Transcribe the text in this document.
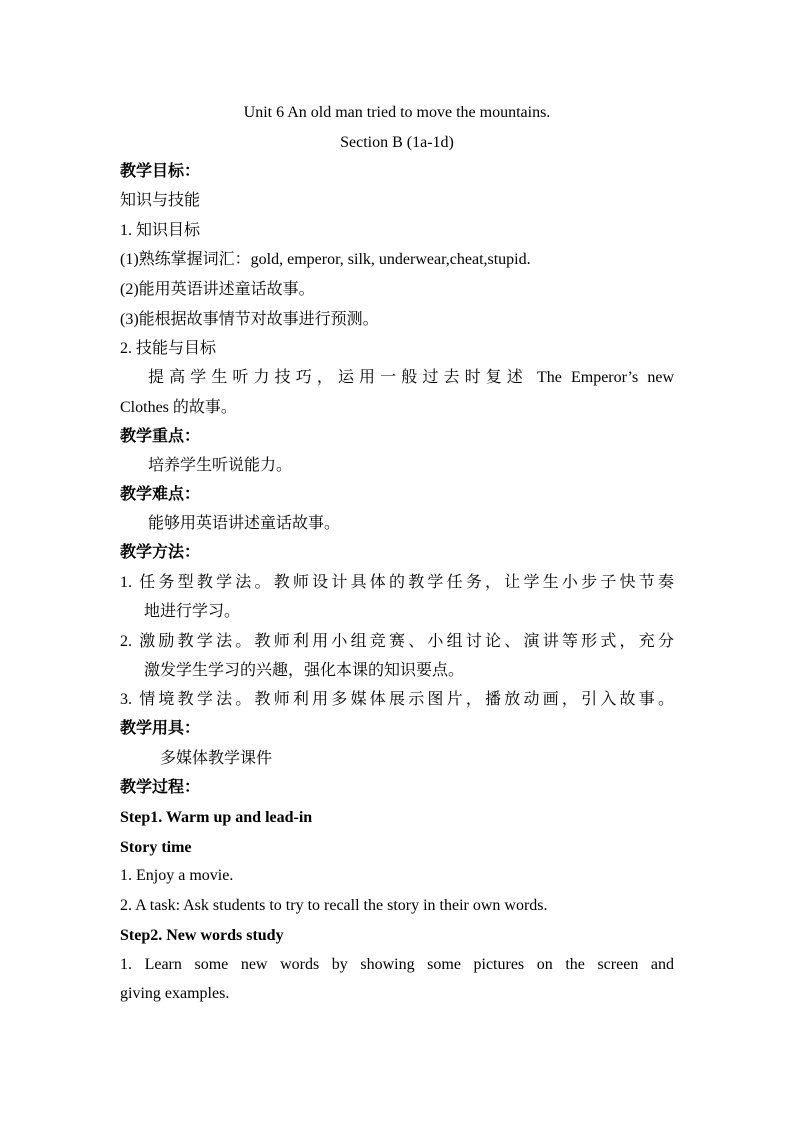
Unit 6 An old man tried to move the mountains.
Section B (1a-1d)
教学目标：
知识与技能
1. 知识目标
(1)熟练掌握词汇：gold, emperor, silk, underwear,cheat,stupid.
(2)能用英语讲述童话故事。
(3)能根据故事情节对故事进行预测。
2. 技能与目标
提高学生听力技巧，运用一般过去时复述 The Emperor’s new
Clothes 的故事。
教学重点：
培养学生听说能力。
教学难点：
能够用英语讲述童话故事。
教学方法：
1. 任务型教学法。教师设计具体的教学任务，让学生小步子快节奏
地进行学习。
2. 激励教学法。教师利用小组竞赛、小组讨论、演讲等形式，充分
激发学生学习的兴趣，强化本课的知识要点。
3. 情境教学法。教师利用多媒体展示图片，播放动画，引入故事。
教学用具：
多媒体教学课件
教学过程：
Step1. Warm up and lead-in
Story time
1. Enjoy a movie.
2. A task: Ask students to try to recall the story in their own words.
Step2. New words study
1. Learn some new words by showing some pictures on the screen and
giving examples.
